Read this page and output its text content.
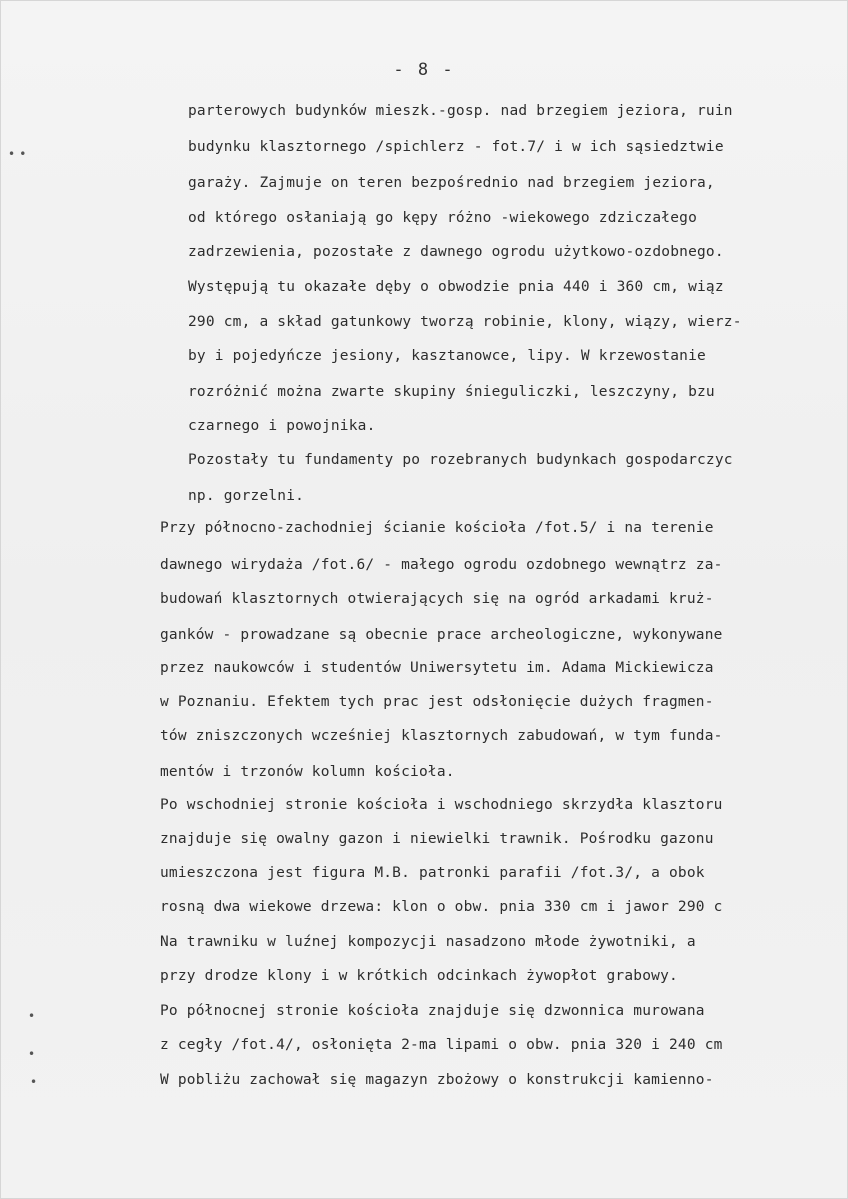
- 8 -
• •
•
•
•
parterowych budynków mieszk.-gosp. nad brzegiem jeziora, ruin
budynku klasztornego /spichlerz - fot.7/ i w ich sąsiedztwie
garaży. Zajmuje on teren bezpośrednio nad brzegiem jeziora,
od którego osłaniają go kępy różno -wiekowego zdziczałego
zadrzewienia, pozostałe z dawnego ogrodu użytkowo-ozdobnego.
Występują tu okazałe dęby o obwodzie pnia 440 i 360 cm, wiąz
290 cm, a skład gatunkowy tworzą robinie, klony, wiązy, wierz-
by i pojedyńcze jesiony, kasztanowce, lipy. W krzewostanie
rozróżnić można zwarte skupiny śnieguliczki, leszczyny, bzu
czarnego i powojnika.
Pozostały tu fundamenty po rozebranych budynkach gospodarczyc
np. gorzelni.
Przy północno-zachodniej ścianie kościoła /fot.5/ i na terenie
dawnego wirydaża /fot.6/ - małego ogrodu ozdobnego wewnątrz za-
budowań klasztornych otwierających się na ogród arkadami kruż-
ganków - prowadzane są obecnie prace archeologiczne, wykonywane
przez naukowców i studentów Uniwersytetu im. Adama Mickiewicza
w Poznaniu. Efektem tych prac jest odsłonięcie dużych fragmen-
tów zniszczonych wcześniej klasztornych zabudowań, w tym funda-
mentów i trzonów kolumn kościoła.
Po wschodniej stronie kościoła i wschodniego skrzydła klasztoru
znajduje się owalny gazon i niewielki trawnik. Pośrodku gazonu
umieszczona jest figura M.B. patronki parafii /fot.3/, a obok
rosną dwa wiekowe drzewa: klon o obw. pnia 330 cm i jawor 290 c
Na trawniku w luźnej kompozycji nasadzono młode żywotniki, a
przy drodze klony i w krótkich odcinkach żywopłot grabowy.
Po północnej stronie kościoła znajduje się dzwonnica murowana
z cegły /fot.4/, osłonięta 2-ma lipami o obw. pnia 320 i 240 cm
W pobliżu zachował się magazyn zbożowy o konstrukcji kamienno-
